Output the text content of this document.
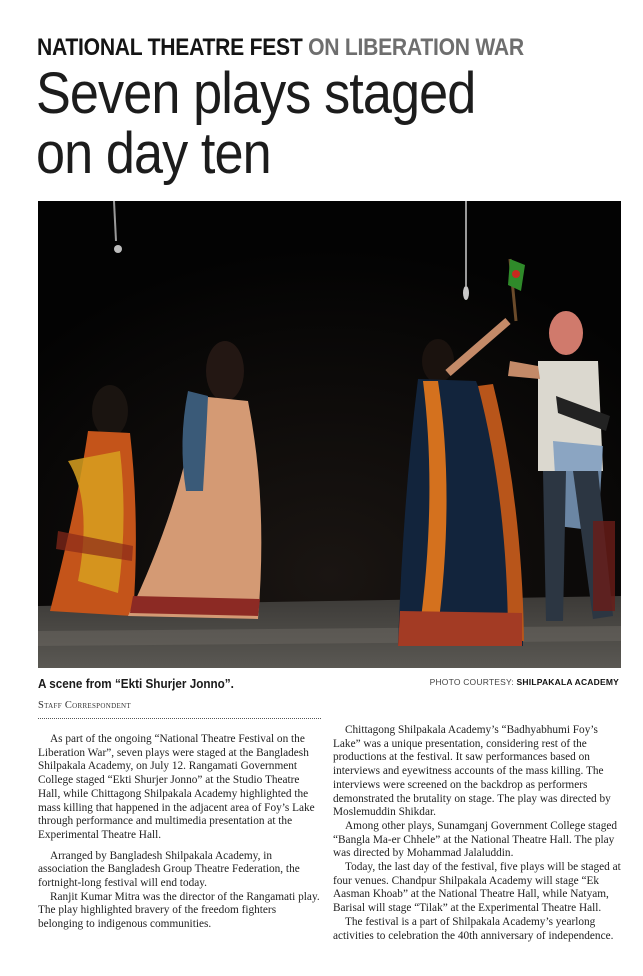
NATIONAL THEATRE FEST ON LIBERATION WAR
Seven plays staged
on day ten
A scene from “Ekti Shurjer Jonno”.	PHOTO COURTESY: SHILPAKALA ACADEMY
Staff Correspondent

As part of the ongoing “National Theatre Festival on the Liberation War”, seven plays were staged at the Bangladesh Shilpakala Academy, on July 12. Rangamati Government College staged “Ekti Shurjer Jonno” at the Studio Theatre Hall, while Chittagong Shilpakala Academy highlighted the mass killing that happened in the adjacent area of Foy’s Lake through performance and multimedia presentation at the Experimental Theatre Hall.

Arranged by Bangladesh Shilpakala Academy, in association the Bangladesh Group Theatre Federation, the fortnight-long festival will end today.

Ranjit Kumar Mitra was the director of the Rangamati play. The play highlighted bravery of the freedom fighters belonging to indigenous communities.

Chittagong Shilpakala Academy’s “Badhyabhumi Foy’s Lake” was a unique presentation, considering rest of the productions at the festival. It saw performances based on interviews and eyewitness accounts of the mass killing. The interviews were screened on the backdrop as performers demonstrated the brutality on stage. The play was directed by Moslemuddin Shikdar.

Among other plays, Sunamganj Government College staged “Bangla Ma-er Chhele” at the National Theatre Hall. The play was directed by Mohammad Jalaluddin.

Today, the last day of the festival, five plays will be staged at four venues. Chandpur Shilpakala Academy will stage “Ek Aasman Khoab” at the National Theatre Hall, while Natyam, Barisal will stage “Tilak” at the Experimental Theatre Hall.

The festival is a part of Shilpakala Academy’s yearlong activities to celebration the 40th anniversary of independence.
